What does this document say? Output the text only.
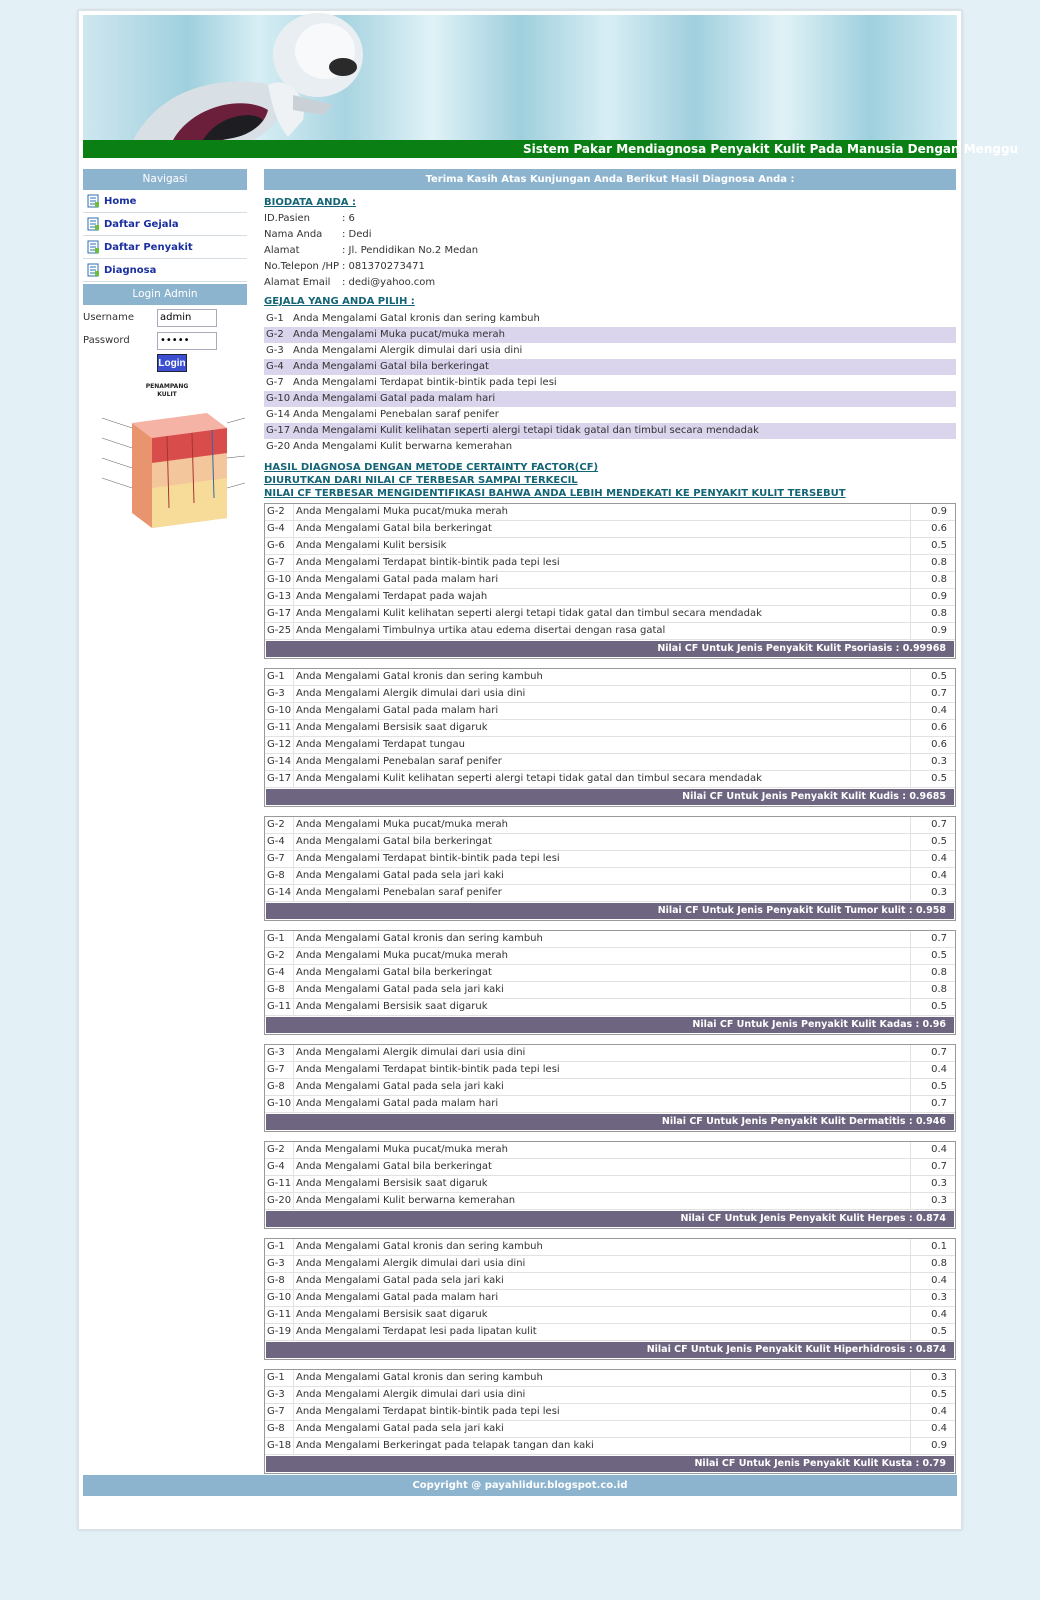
Sistem Pakar Mendiagnosa Penyakit Kulit Pada Manusia Dengan Menggu
Navigasi
Home
Daftar Gejala
Daftar Penyakit
Diagnosa
Login Admin
Username
admin
Password
Login
PENAMPANG
KULIT
Terima Kasih Atas Kunjungan Anda Berikut Hasil Diagnosa Anda :
BIODATA ANDA :
ID.Pasien	: 6
Nama Anda : Dedi
Alamat	: Jl. Pendidikan No.2 Medan
No.Telepon /HP : 081370273471
Alamat Email : dedi@yahoo.com
GEJALA YANG ANDA PILIH :
G-1 Anda Mengalami Gatal kronis dan sering kambuh
G-2 Anda Mengalami Muka pucat/muka merah
G-3 Anda Mengalami Alergik dimulai dari usia dini
G-4 Anda Mengalami Gatal bila berkeringat
G-7 Anda Mengalami Terdapat bintik-bintik pada tepi lesi
G-10 Anda Mengalami Gatal pada malam hari
G-14 Anda Mengalami Penebalan saraf penifer
G-17 Anda Mengalami Kulit kelihatan seperti alergi tetapi tidak gatal dan timbul secara mendadak
G-20 Anda Mengalami Kulit berwarna kemerahan
HASIL DIAGNOSA DENGAN METODE CERTAINTY FACTOR(CF)
DIURUTKAN DARI NILAI CF TERBESAR SAMPAI TERKECIL
NILAI CF TERBESAR MENGIDENTIFIKASI BAHWA ANDA LEBIH MENDEKATI KE PENYAKIT KULIT TERSEBUT
G-2	Anda Mengalami Muka pucat/muka merah	0.9
G-4	Anda Mengalami Gatal bila berkeringat	0.6
G-6	Anda Mengalami Kulit bersisik	0.5
G-7	Anda Mengalami Terdapat bintik-bintik pada tepi lesi	0.8
G-10 Anda Mengalami Gatal pada malam hari	0.8
G-13 Anda Mengalami Terdapat pada wajah	0.9
G-17 Anda Mengalami Kulit kelihatan seperti alergi tetapi tidak gatal dan timbul secara mendadak	0.8
G-25 Anda Mengalami Timbulnya urtika atau edema disertai dengan rasa gatal	0.9
Nilai CF Untuk Jenis Penyakit Kulit Psoriasis : 0.99968
G-1	Anda Mengalami Gatal kronis dan sering kambuh	0.5
G-3	Anda Mengalami Alergik dimulai dari usia dini	0.7
G-10 Anda Mengalami Gatal pada malam hari	0.4
G-11 Anda Mengalami Bersisik saat digaruk	0.6
G-12 Anda Mengalami Terdapat tungau	0.6
G-14 Anda Mengalami Penebalan saraf penifer	0.3
G-17 Anda Mengalami Kulit kelihatan seperti alergi tetapi tidak gatal dan timbul secara mendadak	0.5
Nilai CF Untuk Jenis Penyakit Kulit Kudis : 0.9685
G-2	Anda Mengalami Muka pucat/muka merah	0.7
G-4	Anda Mengalami Gatal bila berkeringat	0.5
G-7	Anda Mengalami Terdapat bintik-bintik pada tepi lesi	0.4
G-8	Anda Mengalami Gatal pada sela jari kaki	0.4
G-14 Anda Mengalami Penebalan saraf penifer	0.3
Nilai CF Untuk Jenis Penyakit Kulit Tumor kulit : 0.958
G-1	Anda Mengalami Gatal kronis dan sering kambuh	0.7
G-2	Anda Mengalami Muka pucat/muka merah	0.5
G-4	Anda Mengalami Gatal bila berkeringat	0.8
G-8	Anda Mengalami Gatal pada sela jari kaki	0.8
G-11 Anda Mengalami Bersisik saat digaruk	0.5
Nilai CF Untuk Jenis Penyakit Kulit Kadas : 0.96
G-3	Anda Mengalami Alergik dimulai dari usia dini	0.7
G-7	Anda Mengalami Terdapat bintik-bintik pada tepi lesi	0.4
G-8	Anda Mengalami Gatal pada sela jari kaki	0.5
G-10 Anda Mengalami Gatal pada malam hari	0.7
Nilai CF Untuk Jenis Penyakit Kulit Dermatitis : 0.946
G-2	Anda Mengalami Muka pucat/muka merah	0.4
G-4	Anda Mengalami Gatal bila berkeringat	0.7
G-11 Anda Mengalami Bersisik saat digaruk	0.3
G-20 Anda Mengalami Kulit berwarna kemerahan	0.3
Nilai CF Untuk Jenis Penyakit Kulit Herpes : 0.874
G-1	Anda Mengalami Gatal kronis dan sering kambuh	0.1
G-3	Anda Mengalami Alergik dimulai dari usia dini	0.8
G-8	Anda Mengalami Gatal pada sela jari kaki	0.4
G-10 Anda Mengalami Gatal pada malam hari	0.3
G-11 Anda Mengalami Bersisik saat digaruk	0.4
G-19 Anda Mengalami Terdapat lesi pada lipatan kulit	0.5
Nilai CF Untuk Jenis Penyakit Kulit Hiperhidrosis : 0.874
G-1	Anda Mengalami Gatal kronis dan sering kambuh	0.3
G-3	Anda Mengalami Alergik dimulai dari usia dini	0.5
G-7	Anda Mengalami Terdapat bintik-bintik pada tepi lesi	0.4
G-8	Anda Mengalami Gatal pada sela jari kaki	0.4
G-18 Anda Mengalami Berkeringat pada telapak tangan dan kaki	0.9
Nilai CF Untuk Jenis Penyakit Kulit Kusta : 0.79
Copyright @ payahlidur.blogspot.co.id
